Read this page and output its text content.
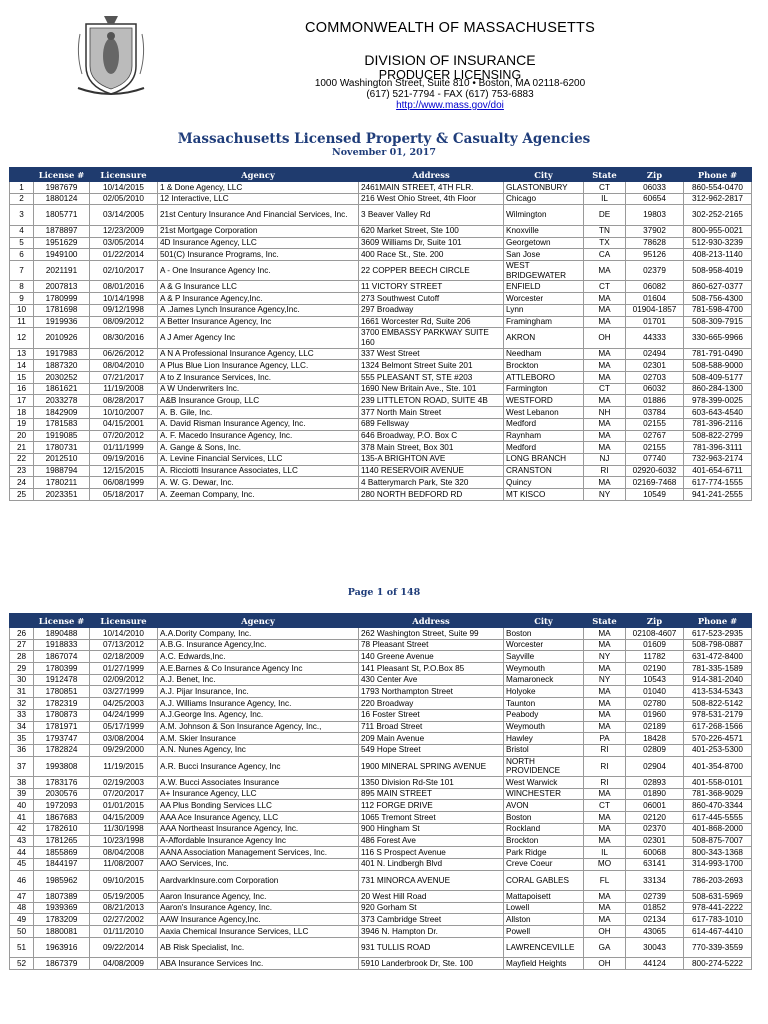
COMMONWEALTH OF MASSACHUSETTS
DIVISION OF INSURANCE
PRODUCER LICENSING
1000 Washington Street, Suite 810 • Boston, MA 02118-6200
(617) 521-7794 - FAX (617) 753-6883
http://www.mass.gov/doi
Massachusetts Licensed Property & Casualty Agencies
November 01, 2017
	License #	Licensure	Agency	Address	City	State	Zip	Phone #
1	1987679	10/14/2015	1 & Done Agency, LLC	2461MAIN STREET, 4TH FLR.	GLASTONBURY	CT	06033	860-554-0470
2	1880124	02/05/2010	12 Interactive, LLC	216 West Ohio Street, 4th Floor	Chicago	IL	60654	312-962-2817
3	1805771	03/14/2005	21st Century Insurance And Financial Services, Inc.	3 Beaver Valley Rd	Wilmington	DE	19803	302-252-2165
4	1878897	12/23/2009	21st Mortgage Corporation	620 Market Street, Ste 100	Knoxville	TN	37902	800-955-0021
5	1951629	03/05/2014	4D Insurance Agency, LLC	3609 Williams Dr, Suite 101	Georgetown	TX	78628	512-930-3239
6	1949100	01/22/2014	501(C) Insurance Programs, Inc.	400 Race St., Ste. 200	San Jose	CA	95126	408-213-1140
7	2021191	02/10/2017	A - One Insurance Agency Inc.	22 COPPER BEECH CIRCLE	WEST BRIDGEWATER	MA	02379	508-958-4019
8	2007813	08/01/2016	A & G Insurance LLC	11 VICTORY STREET	ENFIELD	CT	06082	860-627-0377
9	1780999	10/14/1998	A & P Insurance Agency,Inc.	273 Southwest Cutoff	Worcester	MA	01604	508-756-4300
10	1781698	09/12/1998	A .James Lynch Insurance Agency,Inc.	297 Broadway	Lynn	MA	01904-1857	781-598-4700
11	1919936	08/09/2012	A Better Insurance Agency, Inc	1661 Worcester Rd, Suite 206	Framingham	MA	01701	508-309-7915
12	2010926	08/30/2016	A J Amer Agency Inc	3700 EMBASSY PARKWAY SUITE 160	AKRON	OH	44333	330-665-9966
13	1917983	06/26/2012	A N A Professional Insurance Agency, LLC	337 West Street	Needham	MA	02494	781-791-0490
14	1887320	08/04/2010	A Plus Blue Lion Insurance Agency, LLC.	1324 Belmont Street Suite 201	Brockton	MA	02301	508-588-9000
15	2030252	07/21/2017	A to Z Insurance Services, Inc.	555 PLEASANT ST, STE #203	ATTLEBORO	MA	02703	508-409-5177
16	1861621	11/19/2008	A W Underwriters Inc.	1690 New Britain Ave., Ste. 101	Farmington	CT	06032	860-284-1300
17	2033278	08/28/2017	A&B Insurance Group, LLC	239 LITTLETON ROAD, SUITE 4B	WESTFORD	MA	01886	978-399-0025
18	1842909	10/10/2007	A. B. Gile, Inc.	377 North Main Street	West Lebanon	NH	03784	603-643-4540
19	1781583	04/15/2001	A. David Risman Insurance Agency, Inc.	689 Fellsway	Medford	MA	02155	781-396-2116
20	1919085	07/20/2012	A. F. Macedo Insurance Agency, Inc.	646 Broadway, P.O. Box C	Raynham	MA	02767	508-822-2799
21	1780731	01/11/1999	A. Gange & Sons, Inc.	378 Main Street, Box 301	Medford	MA	02155	781-396-3111
22	2012510	09/19/2016	A. Levine Financial Services, LLC	135-A BRIGHTON AVE	LONG BRANCH	NJ	07740	732-963-2174
23	1988794	12/15/2015	A. Ricciotti Insurance Associates, LLC	1140 RESERVOIR AVENUE	CRANSTON	RI	02920-6032	401-654-6711
24	1780211	06/08/1999	A. W. G. Dewar, Inc.	4 Batterymarch Park, Ste 320	Quincy	MA	02169-7468	617-774-1555
25	2023351	05/18/2017	A. Zeeman Company, Inc.	280 NORTH BEDFORD RD	MT KISCO	NY	10549	941-241-2555
Page 1 of 148
	License #	Licensure	Agency	Address	City	State	Zip	Phone #
26	1890488	10/14/2010	A.A.Dority Company, Inc.	262 Washington Street, Suite 99	Boston	MA	02108-4607	617-523-2935
27	1918833	07/13/2012	A.B.G. Insurance Agency,Inc.	78 Pleasant Street	Worcester	MA	01609	508-798-0887
28	1867074	02/18/2009	A.C. Edwards,Inc.	140 Greene Avenue	Sayville	NY	11782	631-472-8400
29	1780399	01/27/1999	A.E.Barnes & Co Insurance Agency Inc	141 Pleasant St, P.O.Box 85	Weymouth	MA	02190	781-335-1589
30	1912478	02/09/2012	A.J. Benet, Inc.	430 Center Ave	Mamaroneck	NY	10543	914-381-2040
31	1780851	03/27/1999	A.J. Pijar Insurance, Inc.	1793 Northampton Street	Holyoke	MA	01040	413-534-5343
32	1782319	04/25/2003	A.J. Williams Insurance Agency, Inc.	220 Broadway	Taunton	MA	02780	508-822-5142
33	1780873	04/24/1999	A.J.George Ins. Agency, Inc.	16 Foster Street	Peabody	MA	01960	978-531-2179
34	1781971	05/17/1999	A.M. Johnson & Son Insurance Agency, Inc.,	711 Broad Street	Weymouth	MA	02189	617-268-1566
35	1793747	03/08/2004	A.M. Skier Insurance	209 Main Avenue	Hawley	PA	18428	570-226-4571
36	1782824	09/29/2000	A.N. Nunes Agency, Inc	549 Hope Street	Bristol	RI	02809	401-253-5300
37	1993808	11/19/2015	A.R. Bucci Insurance Agency, Inc	1900 MINERAL SPRING AVENUE	NORTH PROVIDENCE	RI	02904	401-354-8700
38	1783176	02/19/2003	A.W. Bucci Associates Insurance	1350 Division Rd-Ste 101	West Warwick	RI	02893	401-558-0101
39	2030576	07/20/2017	A+ Insurance Agency, LLC	895 MAIN STREET	WINCHESTER	MA	01890	781-368-9029
40	1972093	01/01/2015	AA Plus Bonding Services LLC	112 FORGE DRIVE	AVON	CT	06001	860-470-3344
41	1867683	04/15/2009	AAA Ace Insurance Agency, LLC	1065 Tremont Street	Boston	MA	02120	617-445-5555
42	1782610	11/30/1998	AAA Northeast Insurance Agency, Inc.	900 Hingham St	Rockland	MA	02370	401-868-2000
43	1781265	10/23/1998	A-Affordable Insurance Agency Inc	486 Forest Ave	Brockton	MA	02301	508-875-7007
44	1855869	08/04/2008	AANA Association Management Services, Inc.	116 S Prospect Avenue	Park Ridge	IL	60068	800-343-1368
45	1844197	11/08/2007	AAO Services, Inc.	401 N. Lindbergh Blvd	Creve Coeur	MO	63141	314-993-1700
46	1985962	09/10/2015	AardvarkInsure.com Corporation	731 MINORCA AVENUE	CORAL GABLES	FL	33134	786-203-2693
47	1807389	05/19/2005	Aaron Insurance Agency, Inc.	20 West Hill Road	Mattapoisett	MA	02739	508-631-5969
48	1939369	08/21/2013	Aaron's Insurance Agency, Inc.	920 Gorham St	Lowell	MA	01852	978-441-2222
49	1783209	02/27/2002	AAW Insurance Agency,Inc.	373 Cambridge Street	Allston	MA	02134	617-783-1010
50	1880081	01/11/2010	Aaxia Chemical Insurance Services, LLC	3946 N. Hampton Dr.	Powell	OH	43065	614-467-4410
51	1963916	09/22/2014	AB Risk Specialist, Inc.	931 TULLIS ROAD	LAWRENCEVILLE	GA	30043	770-339-3559
52	1867379	04/08/2009	ABA Insurance Services Inc.	5910 Landerbrook Dr, Ste. 100	Mayfield Heights	OH	44124	800-274-5222
